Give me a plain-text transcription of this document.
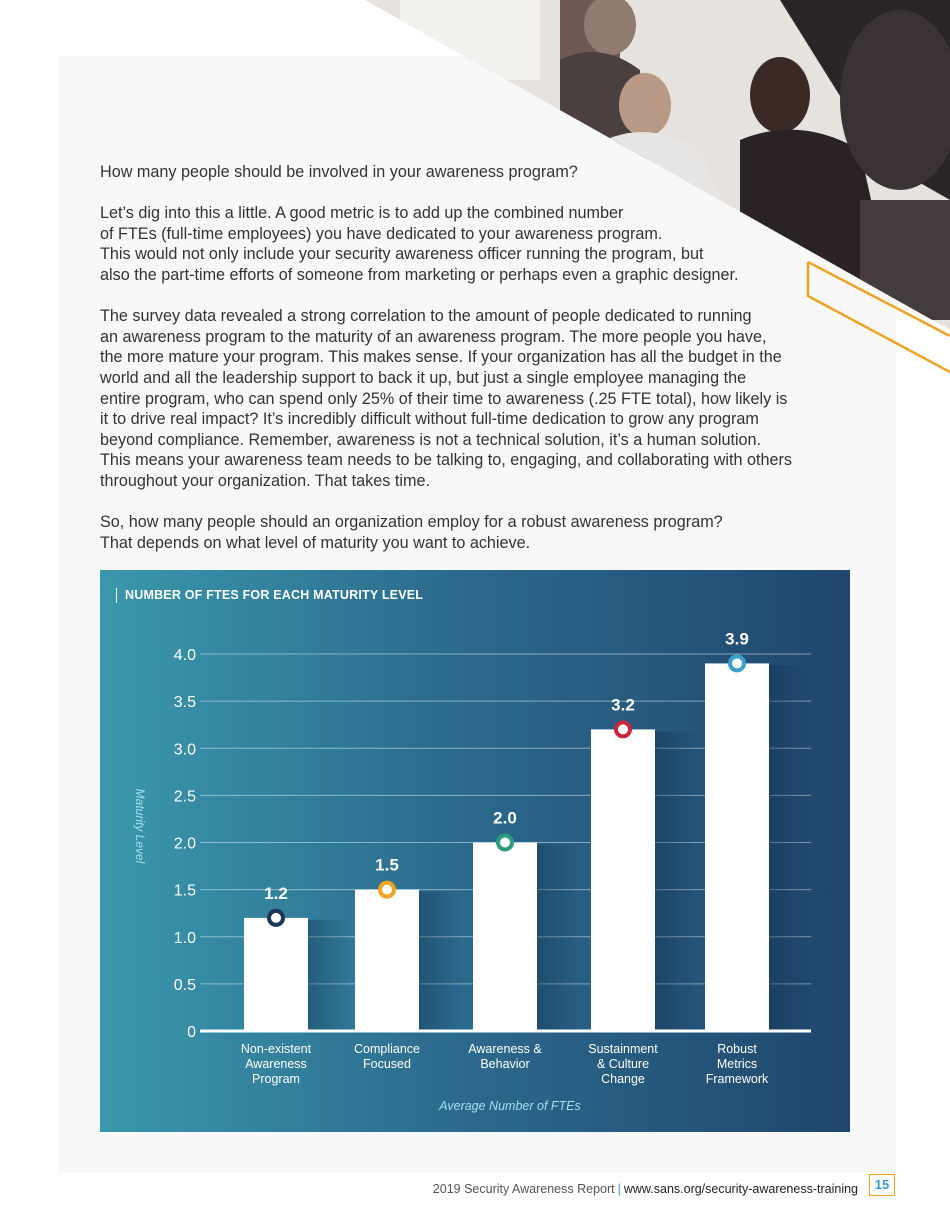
How many people should be involved in your awareness program?

Let’s dig into this a little. A good metric is to add up the combined number
of FTEs (full-time employees) you have dedicated to your awareness program.
This would not only include your security awareness officer running the program, but
also the part-time efforts of someone from marketing or perhaps even a graphic designer.

The survey data revealed a strong correlation to the amount of people dedicated to running
an awareness program to the maturity of an awareness program. The more people you have,
the more mature your program. This makes sense. If your organization has all the budget in the
world and all the leadership support to back it up, but just a single employee managing the
entire program, who can spend only 25% of their time to awareness (.25 FTE total), how likely is
it to drive real impact? It’s incredibly difficult without full-time dedication to grow any program
beyond compliance. Remember, awareness is not a technical solution, it’s a human solution.
This means your awareness team needs to be talking to, engaging, and collaborating with others
throughout your organization. That takes time.

So, how many people should an organization employ for a robust awareness program?
That depends on what level of maturity you want to achieve.

NUMBER OF FTES FOR EACH MATURITY LEVEL
0
0.5
1.0
1.5
2.0
2.5
3.0
3.5
4.0
Maturity Level
1.2
Non-existent
Awareness
Program
1.5
Compliance
Focused
2.0
Awareness &
Behavior
3.2
Sustainment
& Culture
Change
3.9
Robust
Metrics
Framework
Average Number of FTEs
2019 Security Awareness Report | www.sans.org/security-awareness-training	15
